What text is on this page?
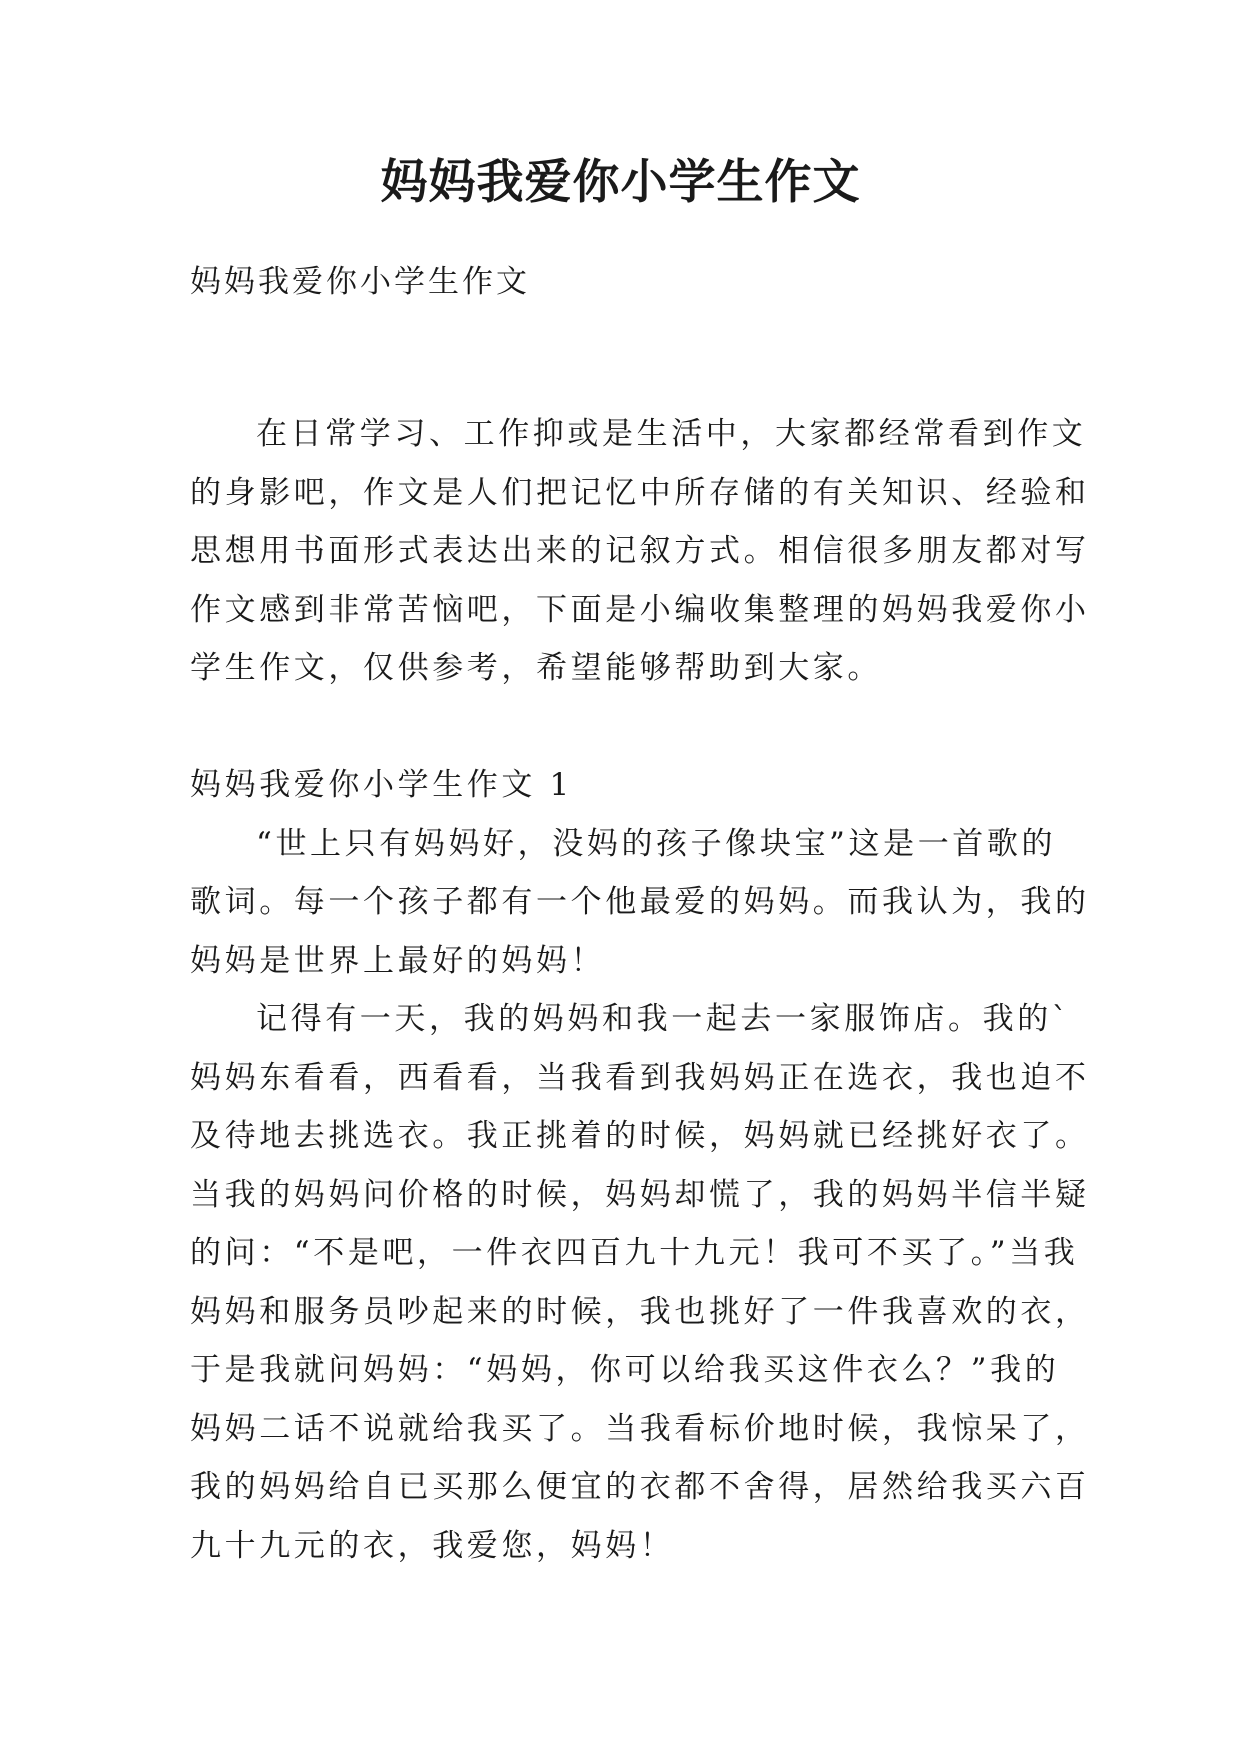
妈妈我爱你小学生作文
妈妈我爱你小学生作文
在日常学习、工作抑或是生活中，大家都经常看到作文
的身影吧，作文是人们把记忆中所存储的有关知识、经验和
思想用书面形式表达出来的记叙方式。相信很多朋友都对写
作文感到非常苦恼吧，下面是小编收集整理的妈妈我爱你小
学生作文，仅供参考，希望能够帮助到大家。
妈妈我爱你小学生作文 1
“世上只有妈妈好，没妈的孩子像块宝”这是一首歌的
歌词。每一个孩子都有一个他最爱的妈妈。而我认为，我的
妈妈是世界上最好的妈妈！
记得有一天，我的妈妈和我一起去一家服饰店。我的`
妈妈东看看，西看看，当我看到我妈妈正在选衣，我也迫不
及待地去挑选衣。我正挑着的时候，妈妈就已经挑好衣了。
当我的妈妈问价格的时候，妈妈却慌了，我的妈妈半信半疑
的问：“不是吧，一件衣四百九十九元！我可不买了。”当我
妈妈和服务员吵起来的时候，我也挑好了一件我喜欢的衣，
于是我就问妈妈：“妈妈，你可以给我买这件衣么？”我的
妈妈二话不说就给我买了。当我看标价地时候，我惊呆了，
我的妈妈给自已买那么便宜的衣都不舍得，居然给我买六百
九十九元的衣，我爱您，妈妈！
